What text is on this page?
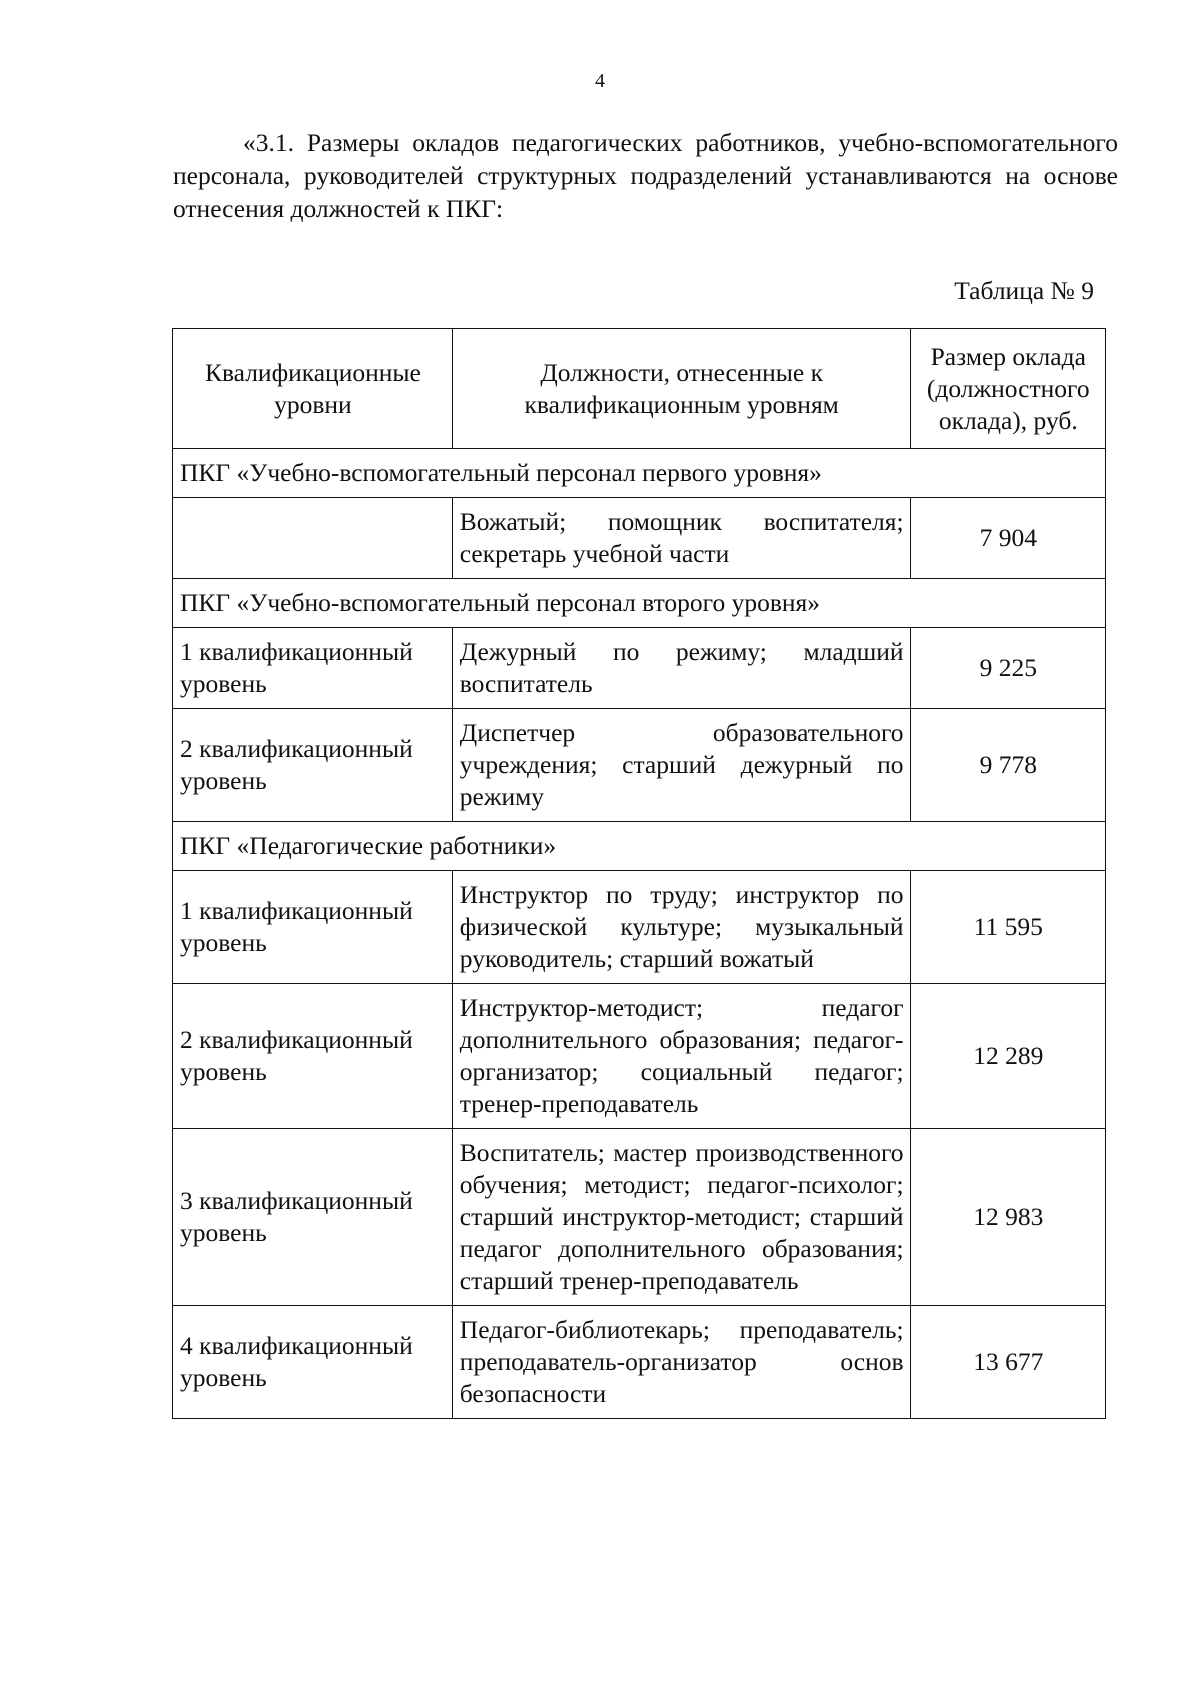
4

«3.1. Размеры окладов педагогических работников, учебно-вспомогательного персонала, руководителей структурных подразделений устанавливаются на основе отнесения должностей к ПКГ:

Таблица № 9
Квалификационные уровни	Должности, отнесенные к квалификационным уровням	Размер оклада (должностного оклада), руб.
ПКГ «Учебно-вспомогательный персонал первого уровня»		
	Вожатый; помощник воспитателя; секретарь учебной части	7 904
ПКГ «Учебно-вспомогательный персонал второго уровня»		
1 квалификационный уровень	Дежурный по режиму; младший воспитатель	9 225
2 квалификационный уровень	Диспетчер образовательного учреждения; старший дежурный по режиму	9 778
ПКГ «Педагогические работники»		
1 квалификационный уровень	Инструктор по труду; инструктор по физической культуре; музыкальный руководитель; старший вожатый	11 595
2 квалификационный уровень	Инструктор-методист; педагог дополнительного образования; педагог-организатор; социальный педагог; тренер-преподаватель	12 289
3 квалификационный уровень	Воспитатель; мастер производственного обучения; методист; педагог-психолог; старший инструктор-методист; старший педагог дополнительного образования; старший тренер-преподаватель	12 983
4 квалификационный уровень	Педагог-библиотекарь; преподаватель; преподаватель-организатор основ безопасности	13 677
